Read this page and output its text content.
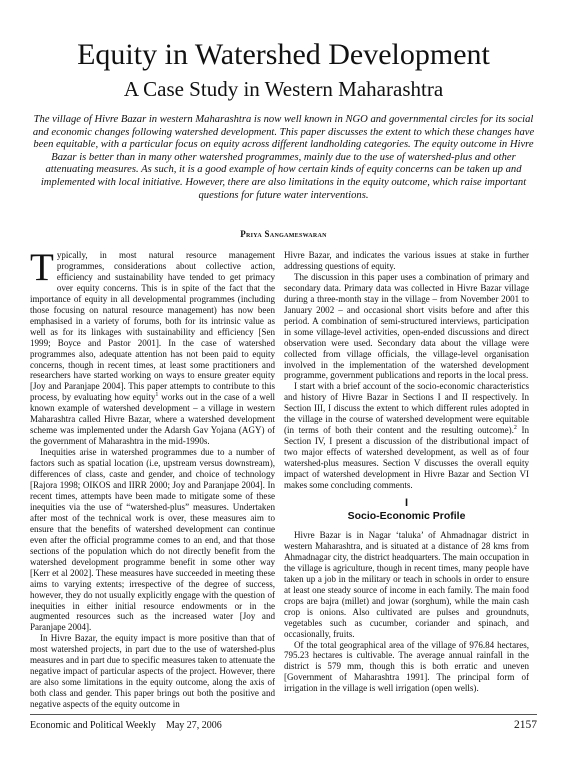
Equity in Watershed Development
A Case Study in Western Maharashtra
The village of Hivre Bazar in western Maharashtra is now well known in NGO and governmental circles for its social and economic changes following watershed development. This paper discusses the extent to which these changes have been equitable, with a particular focus on equity across different landholding categories. The equity outcome in Hivre Bazar is better than in many other watershed programmes, mainly due to the use of watershed-plus and other attenuating measures. As such, it is a good example of how certain kinds of equity concerns can be taken up and implemented with local initiative. However, there are also limitations in the equity outcome, which raise important questions for future water interventions.
Priya Sangameswaran

Typically, in most natural resource management programmes, considerations about collective action, efficiency and sustainability have tended to get primacy over equity concerns. This is in spite of the fact that the importance of equity in all developmental programmes (including those focusing on natural resource management) has now been emphasised in a variety of forums, both for its intrinsic value as well as for its linkages with sustainability and efficiency [Sen 1999; Boyce and Pastor 2001]. In the case of watershed programmes also, adequate attention has not been paid to equity concerns, though in recent times, at least some practitioners and researchers have started working on ways to ensure greater equity [Joy and Paranjape 2004]. This paper attempts to contribute to this process, by evaluating how equity$^1$ works out in the case of a well known example of watershed development – a village in western Maharashtra called Hivre Bazar, where a watershed development scheme was implemented under the Adarsh Gav Yojana (AGY) of the government of Maharashtra in the mid-1990s.

Inequities arise in watershed programmes due to a number of factors such as spatial location (i.e, upstream versus downstream), differences of class, caste and gender, and choice of technology [Rajora 1998; OIKOS and IIRR 2000; Joy and Paranjape 2004]. In recent times, attempts have been made to mitigate some of these inequities via the use of “watershed-plus” measures. Undertaken after most of the technical work is over, these measures aim to ensure that the benefits of watershed development can continue even after the official programme comes to an end, and that those sections of the population which do not directly benefit from the watershed development programme benefit in some other way [Kerr et al 2002]. These measures have succeeded in meeting these aims to varying extents; irrespective of the degree of success, however, they do not usually explicitly engage with the question of inequities in either initial resource endowments or in the augmented resources such as the increased water [Joy and Paranjape 2004].

In Hivre Bazar, the equity impact is more positive than that of most watershed projects, in part due to the use of watershed-plus measures and in part due to specific measures taken to attenuate the negative impact of particular aspects of the project. However, there are also some limitations in the equity outcome, along the axis of both class and gender. This paper brings out both the positive and negative aspects of the equity outcome in

Hivre Bazar, and indicates the various issues at stake in further addressing questions of equity.

The discussion in this paper uses a combination of primary and secondary data. Primary data was collected in Hivre Bazar village during a three-month stay in the village – from November 2001 to January 2002 – and occasional short visits before and after this period. A combination of semi-structured interviews, participation in some village-level activities, open-ended discussions and direct observation were used. Secondary data about the village were collected from village officials, the village-level organisation involved in the implementation of the watershed development programme, government publications and reports in the local press.

I start with a brief account of the socio-economic characteristics and history of Hivre Bazar in Sections I and II respectively. In Section III, I discuss the extent to which different rules adopted in the village in the course of watershed development were equitable (in terms of both their content and the resulting outcome).$^2$ In Section IV, I present a discussion of the distributional impact of two major effects of watershed development, as well as of four watershed-plus measures. Section V discusses the overall equity impact of watershed development in Hivre Bazar and Section VI makes some concluding comments.

I
Socio-Economic Profile

Hivre Bazar is in Nagar ‘taluka’ of Ahmadnagar district in western Maharashtra, and is situated at a distance of 28 kms from Ahmadnagar city, the district headquarters. The main occupation in the village is agriculture, though in recent times, many people have taken up a job in the military or teach in schools in order to ensure at least one steady source of income in each family. The main food crops are bajra (millet) and jowar (sorghum), while the main cash crop is onions. Also cultivated are pulses and groundnuts, vegetables such as cucumber, coriander and spinach, and occasionally, fruits.

Of the total geographical area of the village of 976.84 hectares, 795.23 hectares is cultivable. The average annual rainfall in the district is 579 mm, though this is both erratic and uneven [Government of Maharashtra 1991]. The principal form of irrigation in the village is well irrigation (open wells).

Economic and Political Weekly May 27, 2006	2157
